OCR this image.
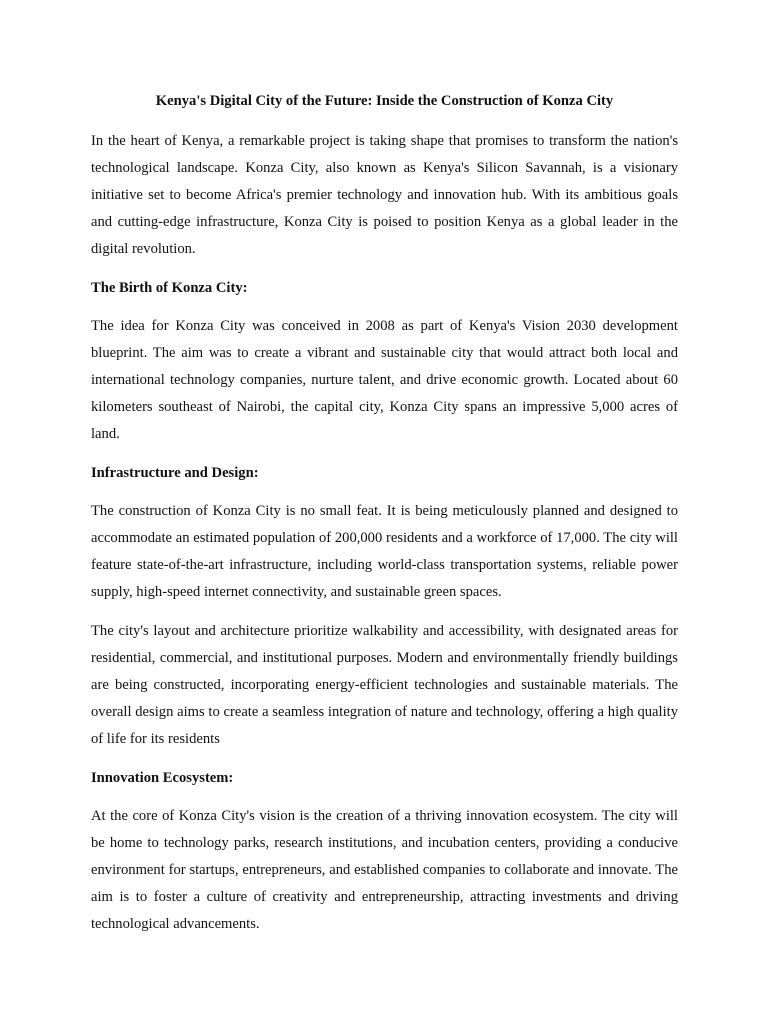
Kenya's Digital City of the Future: Inside the Construction of Konza City

In the heart of Kenya, a remarkable project is taking shape that promises to transform the nation's technological landscape. Konza City, also known as Kenya's Silicon Savannah, is a visionary initiative set to become Africa's premier technology and innovation hub. With its ambitious goals and cutting-edge infrastructure, Konza City is poised to position Kenya as a global leader in the digital revolution.

The Birth of Konza City:

The idea for Konza City was conceived in 2008 as part of Kenya's Vision 2030 development blueprint. The aim was to create a vibrant and sustainable city that would attract both local and international technology companies, nurture talent, and drive economic growth. Located about 60 kilometers southeast of Nairobi, the capital city, Konza City spans an impressive 5,000 acres of land.

Infrastructure and Design:

The construction of Konza City is no small feat. It is being meticulously planned and designed to accommodate an estimated population of 200,000 residents and a workforce of 17,000. The city will feature state-of-the-art infrastructure, including world-class transportation systems, reliable power supply, high-speed internet connectivity, and sustainable green spaces.

The city's layout and architecture prioritize walkability and accessibility, with designated areas for residential, commercial, and institutional purposes. Modern and environmentally friendly buildings are being constructed, incorporating energy-efficient technologies and sustainable materials. The overall design aims to create a seamless integration of nature and technology, offering a high quality of life for its residents

Innovation Ecosystem:

At the core of Konza City's vision is the creation of a thriving innovation ecosystem. The city will be home to technology parks, research institutions, and incubation centers, providing a conducive environment for startups, entrepreneurs, and established companies to collaborate and innovate. The aim is to foster a culture of creativity and entrepreneurship, attracting investments and driving technological advancements.
